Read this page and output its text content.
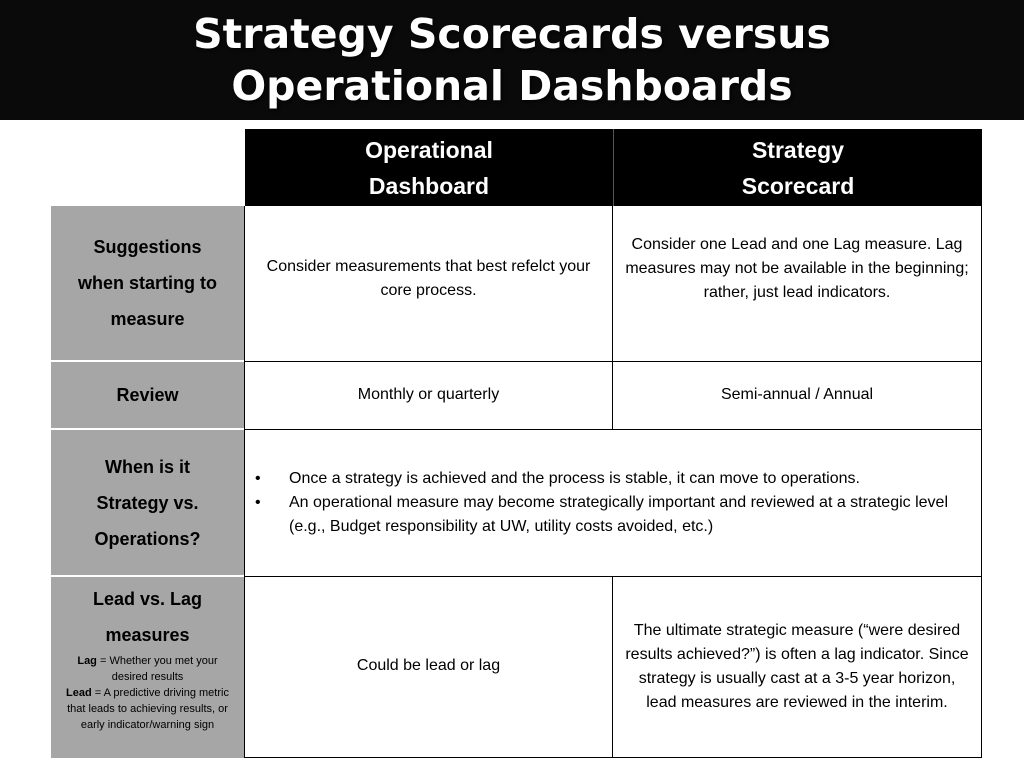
Strategy Scorecards versus
Operational Dashboards
Operational
Dashboard
Strategy
Scorecard
Suggestions
when starting to
measure
Consider measurements that best refelct your core process.
Consider one Lead and one Lag measure. Lag measures may not be available in the beginning; rather, just lead indicators.
Review	Monthly or quarterly	Semi-annual / Annual
When is it
Strategy vs.
Operations?
• Once a strategy is achieved and the process is stable, it can move to operations.
• An operational measure may become strategically important and reviewed at a strategic level (e.g., Budget responsibility at UW, utility costs avoided, etc.)
Lead vs. Lag
measures
Lag = Whether you met your desired results
Lead = A predictive driving metric that leads to achieving results, or early indicator/warning sign
Could be lead or lag
The ultimate strategic measure (“were desired results achieved?”) is often a lag indicator. Since strategy is usually cast at a 3-5 year horizon, lead measures are reviewed in the interim.
